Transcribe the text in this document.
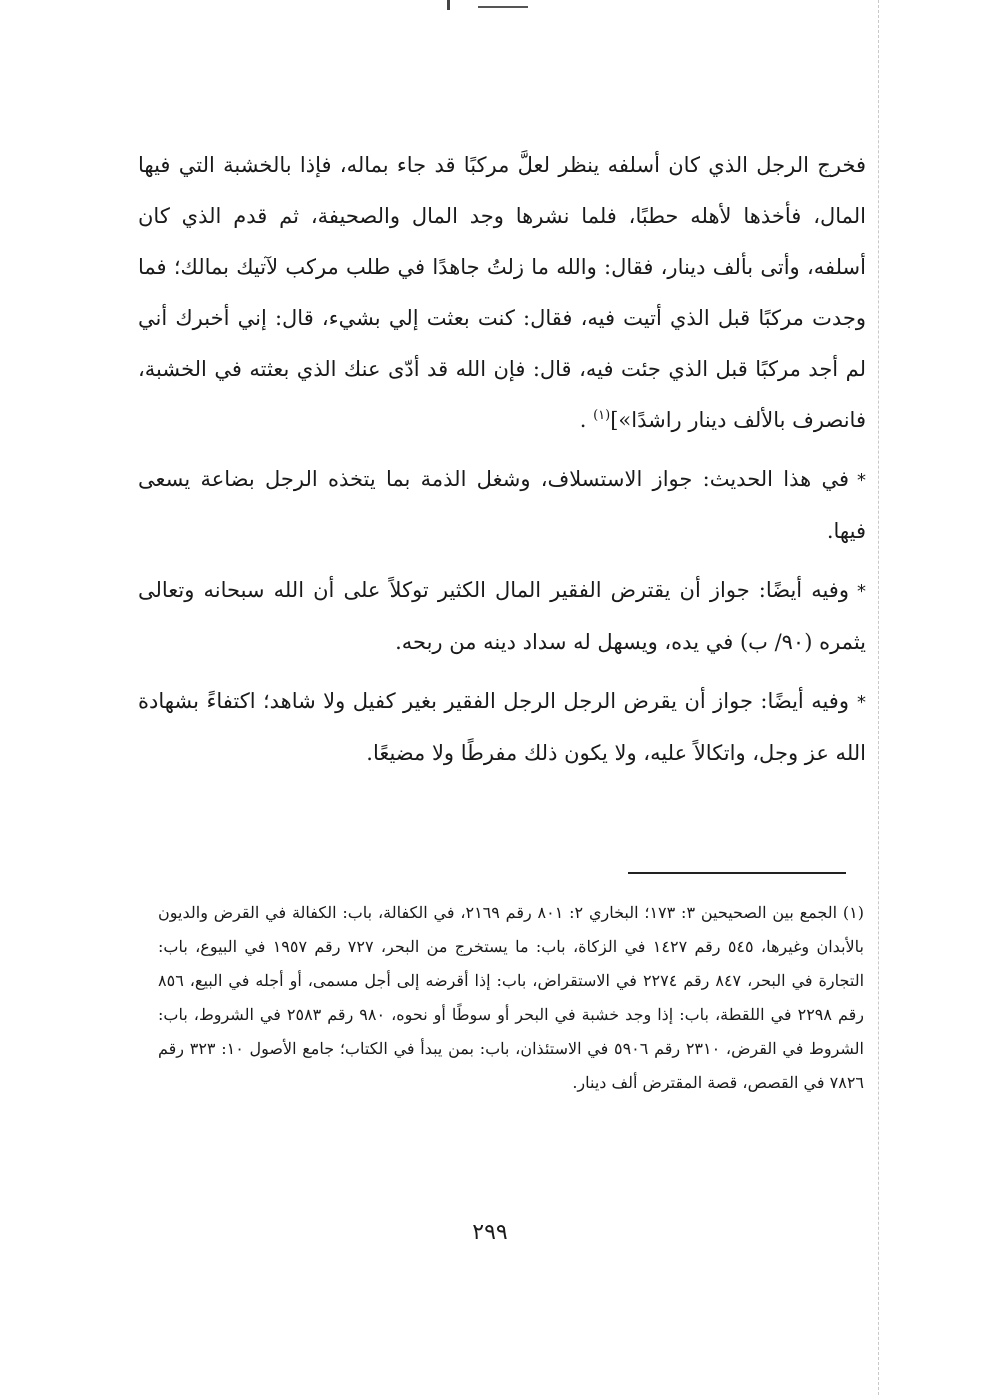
فخرج الرجل الذي كان أسلفه ينظر لعلَّ مركبًا قد جاء بماله، فإذا بالخشبة التي فيها المال، فأخذها لأهله حطبًا، فلما نشرها وجد المال والصحيفة، ثم قدم الذي كان أسلفه، وأتى بألف دينار، فقال: والله ما زلتُ جاهدًا في طلب مركب لآتيك بمالك؛ فما وجدت مركبًا قبل الذي أتيت فيه، فقال: كنت بعثت إلي بشيء، قال: إني أخبرك أني لم أجد مركبًا قبل الذي جئت فيه، قال: فإن الله قد أدّى عنك الذي بعثته في الخشبة، فانصرف بالألف دينار راشدًا»]$^{(١)}$ .

*في هذا الحديث: جواز الاستسلاف، وشغل الذمة بما يتخذه الرجل بضاعة يسعى فيها.

*وفيه أيضًا: جواز أن يقترض الفقير المال الكثير توكلاً على أن الله سبحانه وتعالى يثمره (٩٠/ ب) في يده، ويسهل له سداد دينه من ربحه.

*وفيه أيضًا: جواز أن يقرض الرجل الرجل الفقير بغير كفيل ولا شاهد؛ اكتفاءً بشهادة الله عز وجل، واتكالاً عليه، ولا يكون ذلك مفرطًا ولا مضيعًا.

(١) الجمع بين الصحيحين ٣: ١٧٣؛ البخاري ٢: ٨٠١ رقم ٢١٦٩، في الكفالة، باب: الكفالة في القرض والديون بالأبدان وغيرها، ٥٤٥ رقم ١٤٢٧ في الزكاة، باب: ما يستخرج من البحر، ٧٢٧ رقم ١٩٥٧ في البيوع، باب: التجارة في البحر، ٨٤٧ رقم ٢٢٧٤ في الاستقراض، باب: إذا أقرضه إلى أجل مسمى، أو أجله في البيع، ٨٥٦ رقم ٢٢٩٨ في اللقطة، باب: إذا وجد خشبة في البحر أو سوطًا أو نحوه، ٩٨٠ رقم ٢٥٨٣ في الشروط، باب: الشروط في القرض، ٢٣١٠ رقم ٥٩٠٦ في الاستئذان، باب: بمن يبدأ في الكتاب؛ جامع الأصول ١٠: ٣٢٣ رقم ٧٨٢٦ في القصص، قصة المقترض ألف دينار.

٢٩٩
